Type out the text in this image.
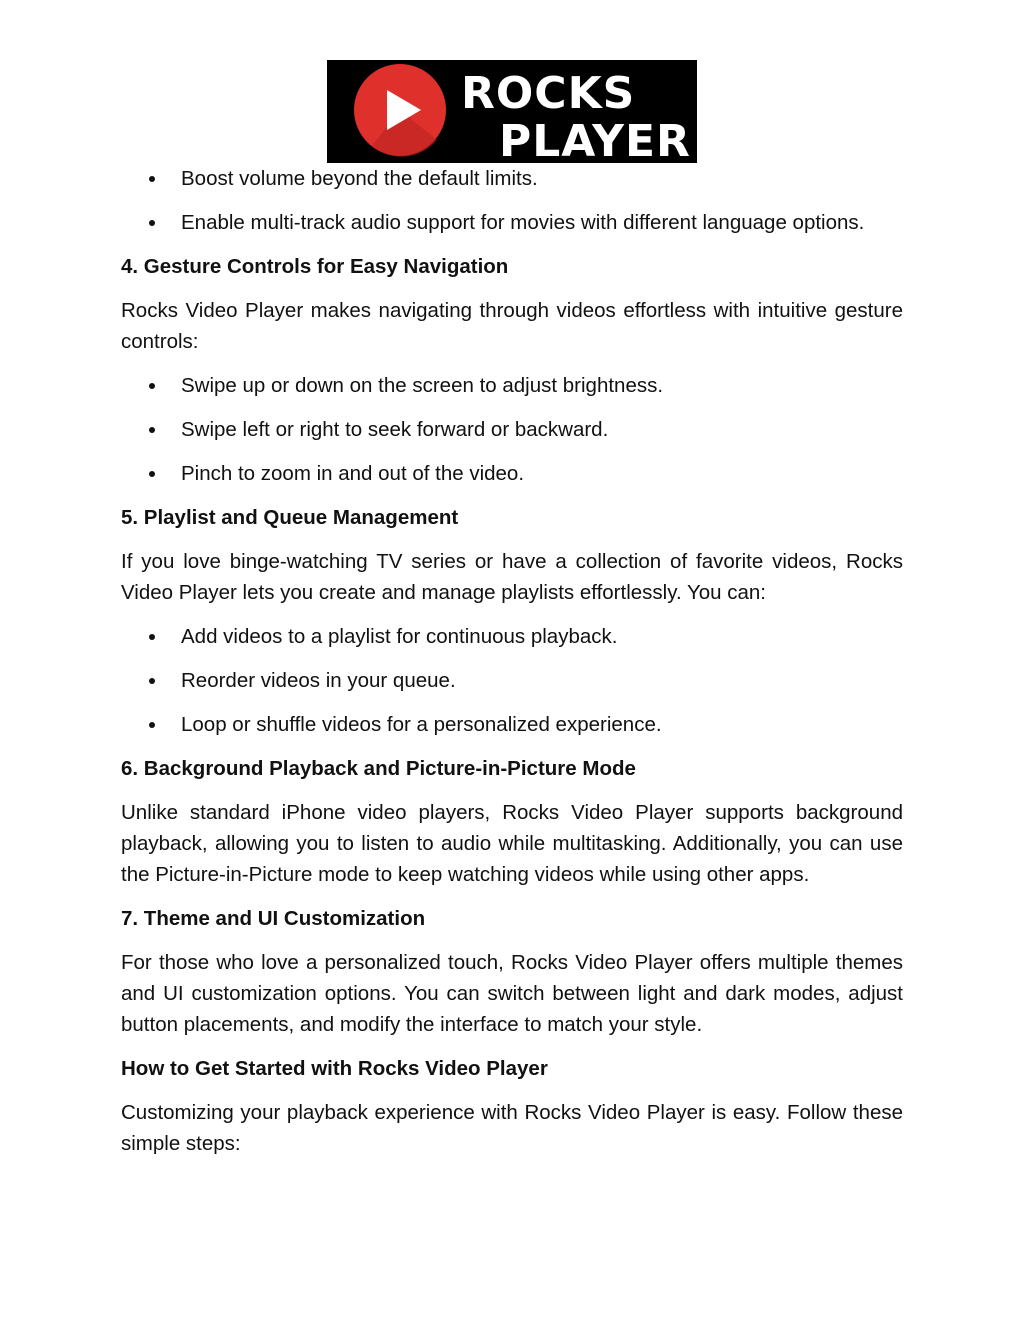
ROCKS
PLAYER
Boost volume beyond the default limits.
Enable multi-track audio support for movies with different language options.

4. Gesture Controls for Easy Navigation

Rocks Video Player makes navigating through videos effortless with intuitive gesture controls:

Swipe up or down on the screen to adjust brightness.
Swipe left or right to seek forward or backward.
Pinch to zoom in and out of the video.

5. Playlist and Queue Management

If you love binge-watching TV series or have a collection of favorite videos, Rocks Video Player lets you create and manage playlists effortlessly. You can:

Add videos to a playlist for continuous playback.
Reorder videos in your queue.
Loop or shuffle videos for a personalized experience.

6. Background Playback and Picture-in-Picture Mode

Unlike standard iPhone video players, Rocks Video Player supports background playback, allowing you to listen to audio while multitasking. Additionally, you can use the Picture-in-Picture mode to keep watching videos while using other apps.

7. Theme and UI Customization

For those who love a personalized touch, Rocks Video Player offers multiple themes and UI customization options. You can switch between light and dark modes, adjust button placements, and modify the interface to match your style.

How to Get Started with Rocks Video Player

Customizing your playback experience with Rocks Video Player is easy. Follow these simple steps:
